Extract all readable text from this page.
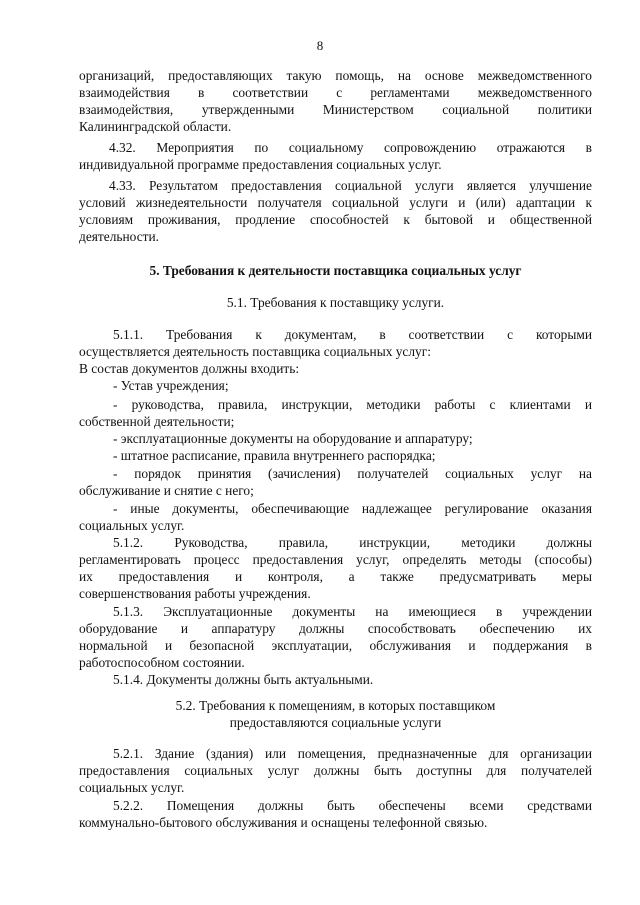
8
организаций, предоставляющих такую помощь, на основе межведомственного
взаимодействия в соответствии с регламентами межведомственного
взаимодействия, утвержденными Министерством социальной политики
Калининградской области.
4.32. Мероприятия по социальному сопровождению отражаются в
индивидуальной программе предоставления социальных услуг.
4.33. Результатом предоставления социальной услуги является улучшение
условий жизнедеятельности получателя социальной услуги и (или) адаптации к
условиям проживания, продление способностей к бытовой и общественной
деятельности.
5. Требования к деятельности поставщика социальных услуг
5.1. Требования к поставщику услуги.
5.1.1. Требования к документам, в соответствии с которыми
осуществляется деятельность поставщика социальных услуг:
В состав документов должны входить:
- Устав учреждения;
- руководства, правила, инструкции, методики работы с клиентами и
собственной деятельности;
- эксплуатационные документы на оборудование и аппаратуру;
- штатное расписание, правила внутреннего распорядка;
- порядок принятия (зачисления) получателей социальных услуг на
обслуживание и снятие с него;
- иные документы, обеспечивающие надлежащее регулирование оказания
социальных услуг.
5.1.2. Руководства, правила, инструкции, методики должны
регламентировать процесс предоставления услуг, определять методы (способы)
их предоставления и контроля, а также предусматривать меры
совершенствования работы учреждения.
5.1.3. Эксплуатационные документы на имеющиеся в учреждении
оборудование и аппаратуру должны способствовать обеспечению их
нормальной и безопасной эксплуатации, обслуживания и поддержания в
работоспособном состоянии.
5.1.4. Документы должны быть актуальными.
5.2. Требования к помещениям, в которых поставщиком
предоставляются социальные услуги
5.2.1. Здание (здания) или помещения, предназначенные для организации
предоставления социальных услуг должны быть доступны для получателей
социальных услуг.
5.2.2. Помещения должны быть обеспечены всеми средствами
коммунально-бытового обслуживания и оснащены телефонной связью.
